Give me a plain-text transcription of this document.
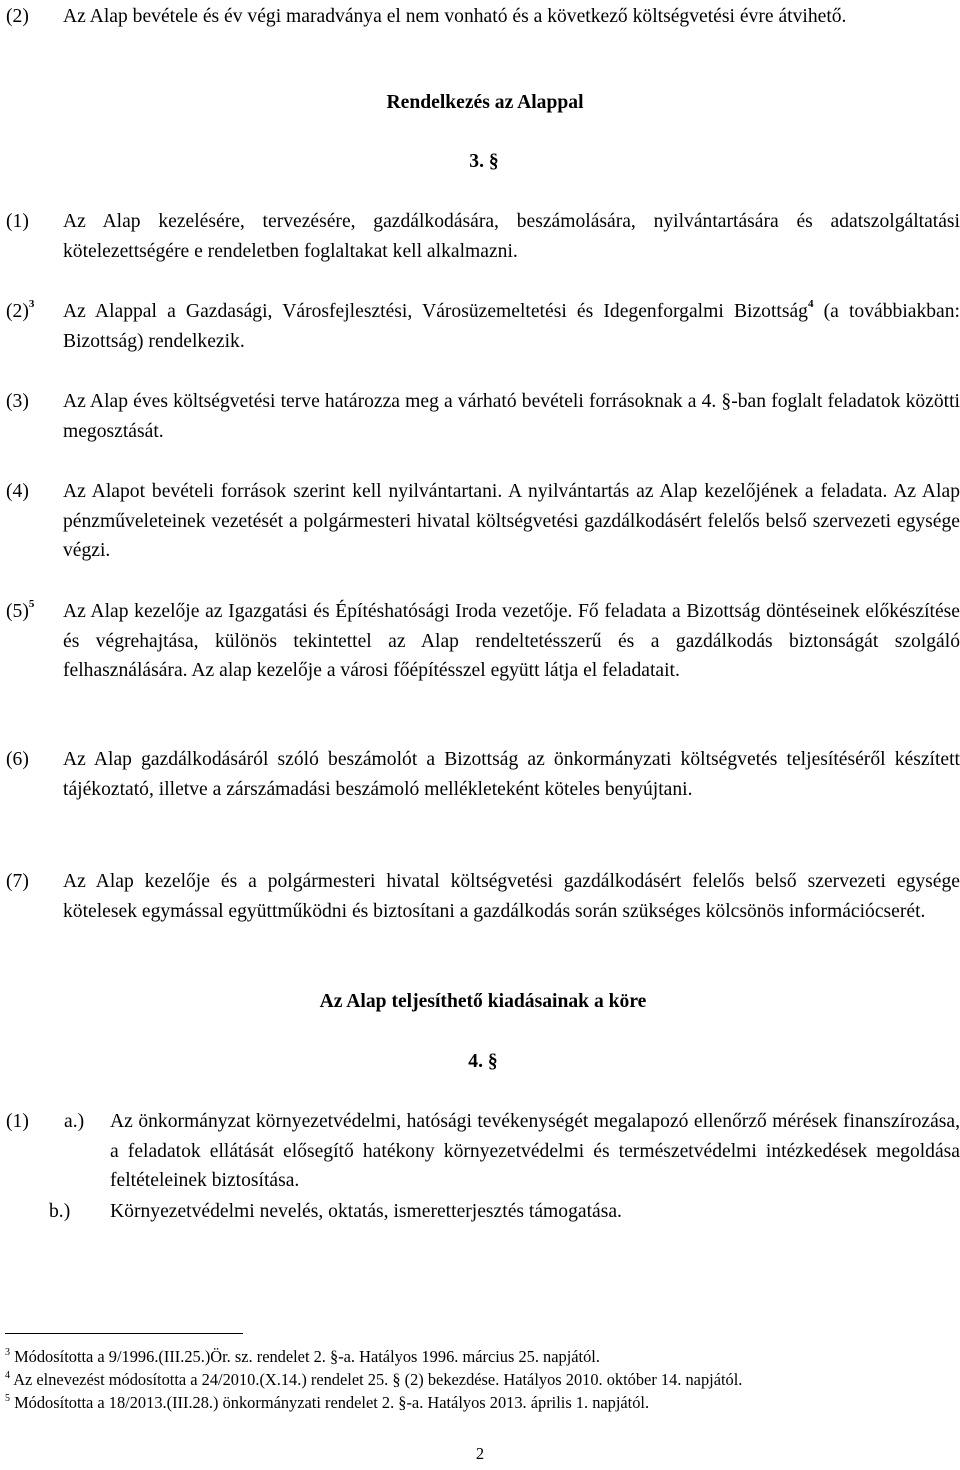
(2) Az Alap bevétele és év végi maradványa el nem vonható és a következő költségvetési évre átvihető.
Rendelkezés az Alappal
3. §
(1) Az Alap kezelésére, tervezésére, gazdálkodására, beszámolására, nyilvántartására és adatszolgáltatási kötelezettségére e rendeletben foglaltakat kell alkalmazni.
$(2)^3$ Az Alappal a Gazdasági, Városfejlesztési, Városüzemeltetési és Idegenforgalmi Bizottság$^4$ (a továbbiakban: Bizottság) rendelkezik.
(3) Az Alap éves költségvetési terve határozza meg a várható bevételi forrásoknak a 4. §-ban foglalt feladatok közötti megosztását.
(4) Az Alapot bevételi források szerint kell nyilvántartani. A nyilvántartás az Alap kezelőjének a feladata. Az Alap pénzműveleteinek vezetését a polgármesteri hivatal költségvetési gazdálkodásért felelős belső szervezeti egysége végzi.
$(5)^5$ Az Alap kezelője az Igazgatási és Építéshatósági Iroda vezetője. Fő feladata a Bizottság döntéseinek előkészítése és végrehajtása, különös tekintettel az Alap rendeltetésszerű és a gazdálkodás biztonságát szolgáló felhasználására. Az alap kezelője a városi főépítésszel együtt látja el feladatait.
(6) Az Alap gazdálkodásáról szóló beszámolót a Bizottság az önkormányzati költségvetés teljesítéséről készített tájékoztató, illetve a zárszámadási beszámoló mellékleteként köteles benyújtani.
(7) Az Alap kezelője és a polgármesteri hivatal költségvetési gazdálkodásért felelős belső szervezeti egysége kötelesek egymással együttműködni és biztosítani a gazdálkodás során szükséges kölcsönös információcserét.
Az Alap teljesíthető kiadásainak a köre
4. §
(1) a.) Az önkormányzat környezetvédelmi, hatósági tevékenységét megalapozó ellenőrző mérések finanszírozása, a feladatok ellátását elősegítő hatékony környezetvédelmi és természetvédelmi intézkedések megoldása feltételeinek biztosítása.
b.) Környezetvédelmi nevelés, oktatás, ismeretterjesztés támogatása.
$^3$ Módosította a 9/1996.(III.25.)Ör. sz. rendelet 2. §-a. Hatályos 1996. március 25. napjától.
$^4$ Az elnevezést módosította a 24/2010.(X.14.) rendelet 25. § (2) bekezdése. Hatályos 2010. október 14. napjától.
$^5$ Módosította a 18/2013.(III.28.) önkormányzati rendelet 2. §-a. Hatályos 2013. április 1. napjától.
2
